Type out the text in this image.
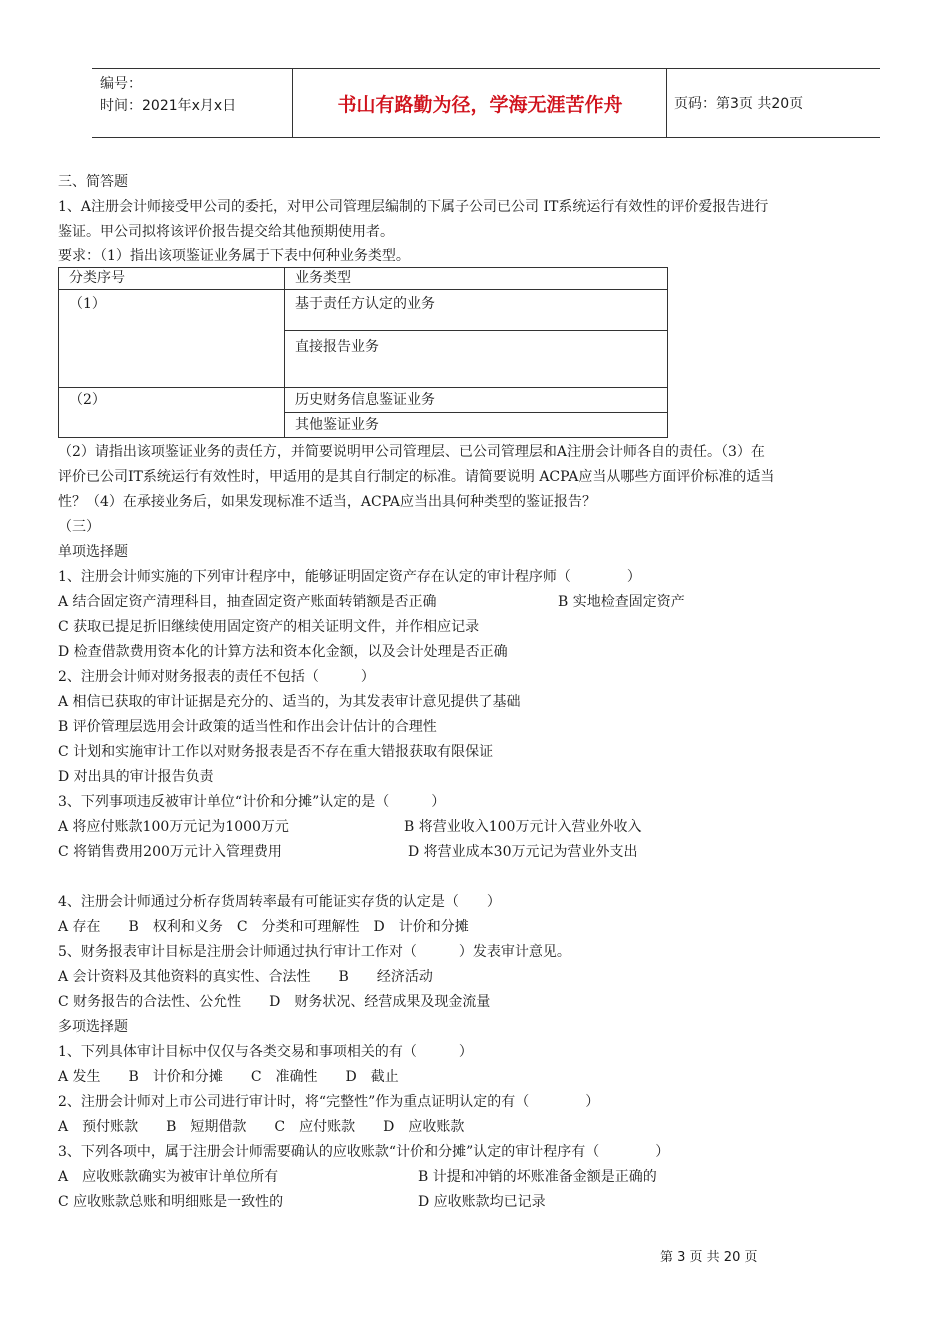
编号：
时间：2021年x月x日	书山有路勤为径，学海无涯苦作舟	页码：第3页 共20页
三、简答题
1、A注册会计师接受甲公司的委托，对甲公司管理层编制的下属子公司已公司 IT系统运行有效性的评价爱报告进行
鉴证。甲公司拟将该评价报告提交给其他预期使用者。
要求：（1）指出该项鉴证业务属于下表中何种业务类型。
分类序号	业务类型
（1）	基于责任方认定的业务
	直接报告业务
（2）	历史财务信息鉴证业务
	其他鉴证业务
（2）请指出该项鉴证业务的责任方，并简要说明甲公司管理层、已公司管理层和A注册会计师各自的责任。（3）在
评价已公司IT系统运行有效性时，甲适用的是其自行制定的标准。请简要说明 ACPA应当从哪些方面评价标准的适当
性？（4）在承接业务后，如果发现标准不适当，ACPA应当出具何种类型的鉴证报告？
（三）
单项选择题
1、注册会计师实施的下列审计程序中，能够证明固定资产存在认定的审计程序师（　　　　）
A 结合固定资产清理科目，抽查固定资产账面转销额是否正确	B 实地检查固定资产
C 获取已提足折旧继续使用固定资产的相关证明文件，并作相应记录
D 检查借款费用资本化的计算方法和资本化金额，以及会计处理是否正确
2、注册会计师对财务报表的责任不包括（　　　）
A 相信已获取的审计证据是充分的、适当的，为其发表审计意见提供了基础
B 评价管理层选用会计政策的适当性和作出会计估计的合理性
C 计划和实施审计工作以对财务报表是否不存在重大错报获取有限保证
D 对出具的审计报告负责
3、下列事项违反被审计单位“计价和分摊”认定的是（　　　）
A 将应付账款100万元记为1000万元	B 将营业收入100万元计入营业外收入
C 将销售费用200万元计入管理费用	D 将营业成本30万元记为营业外支出
4、注册会计师通过分析存货周转率最有可能证实存货的认定是（　　）
A 存在　　B　权利和义务　C　分类和可理解性　D　计价和分摊
5、财务报表审计目标是注册会计师通过执行审计工作对（　　　）发表审计意见。
A 会计资料及其他资料的真实性、合法性　　B　　经济活动
C 财务报告的合法性、公允性　　D　财务状况、经营成果及现金流量
多项选择题
1、下列具体审计目标中仅仅与各类交易和事项相关的有（　　　）
A 发生　　B　计价和分摊　　C　准确性　　D　截止
2、注册会计师对上市公司进行审计时，将“完整性”作为重点证明认定的有（　　　　）
A　预付账款　　B　短期借款　　C　应付账款　　D　应收账款
3、下列各项中，属于注册会计师需要确认的应收账款“计价和分摊”认定的审计程序有（　　　　）
A　应收账款确实为被审计单位所有	B 计提和冲销的坏账准备金额是正确的
C 应收账款总账和明细账是一致性的	D 应收账款均已记录
第 3 页 共 20 页
